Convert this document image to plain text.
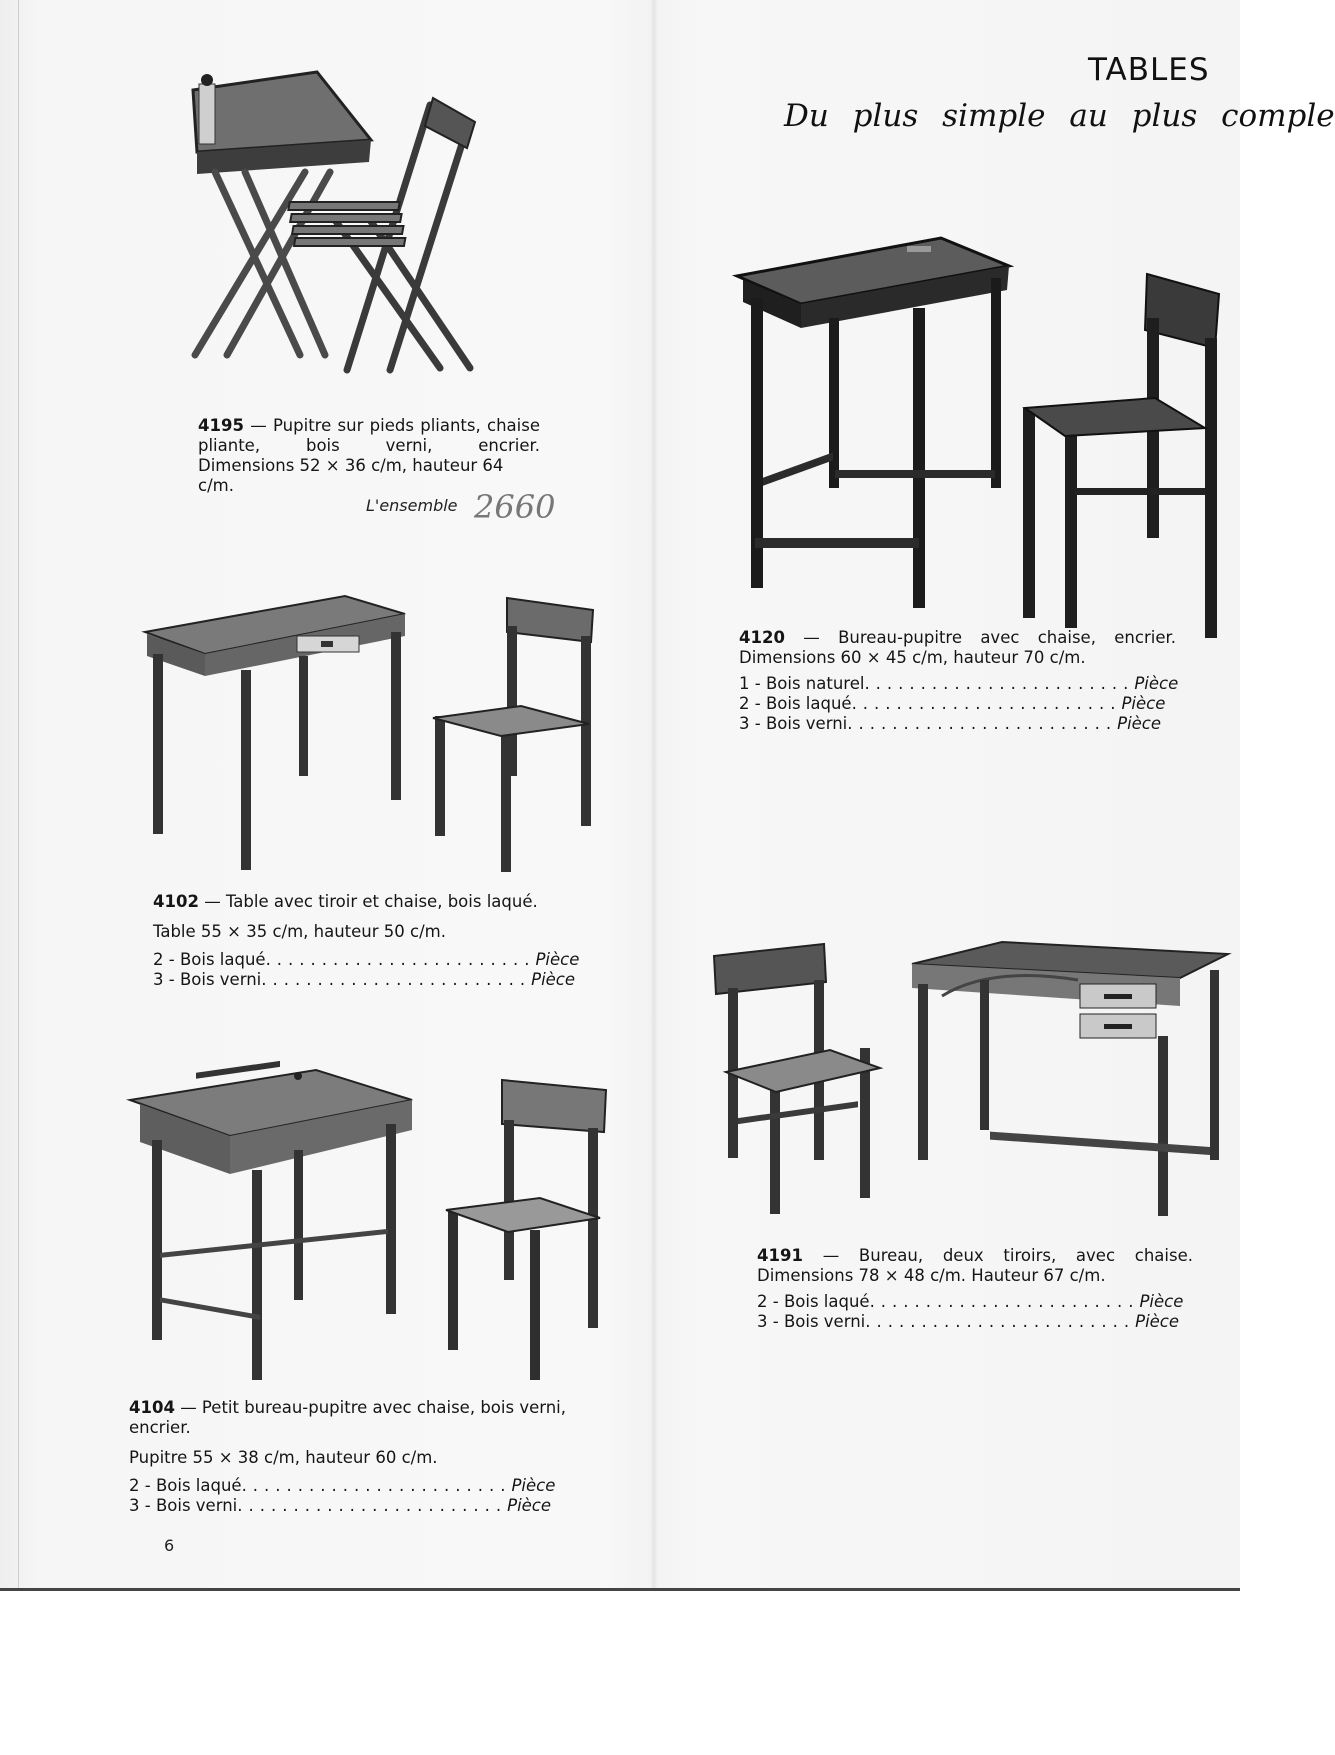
TABLES
Du plus simple au plus comple

4195 — Pupitre sur pieds pliants, chaise pliante, bois verni, encrier.

Dimensions 52 × 36 c/m, hauteur 64 c/m.

L'ensemble 2660

4120 — Bureau-pupitre avec chaise, encrier.

Dimensions 60 × 45 c/m, hauteur 70 c/m.

1 - Bois naturel ........................ Pièce
2 - Bois laqué ........................ Pièce
3 - Bois verni ........................ Pièce

4102 — Table avec tiroir et chaise, bois laqué.

Table 55 × 35 c/m, hauteur 50 c/m.

2 - Bois laqué ........................ Pièce
3 - Bois verni ........................ Pièce

4191 — Bureau, deux tiroirs, avec chaise.

Dimensions 78 × 48 c/m. Hauteur 67 c/m.

2 - Bois laqué ........................ Pièce
3 - Bois verni ........................ Pièce

4104 — Petit bureau-pupitre avec chaise, bois verni, encrier.

Pupitre 55 × 38 c/m, hauteur 60 c/m.

2 - Bois laqué ........................ Pièce
3 - Bois verni ........................ Pièce
6
